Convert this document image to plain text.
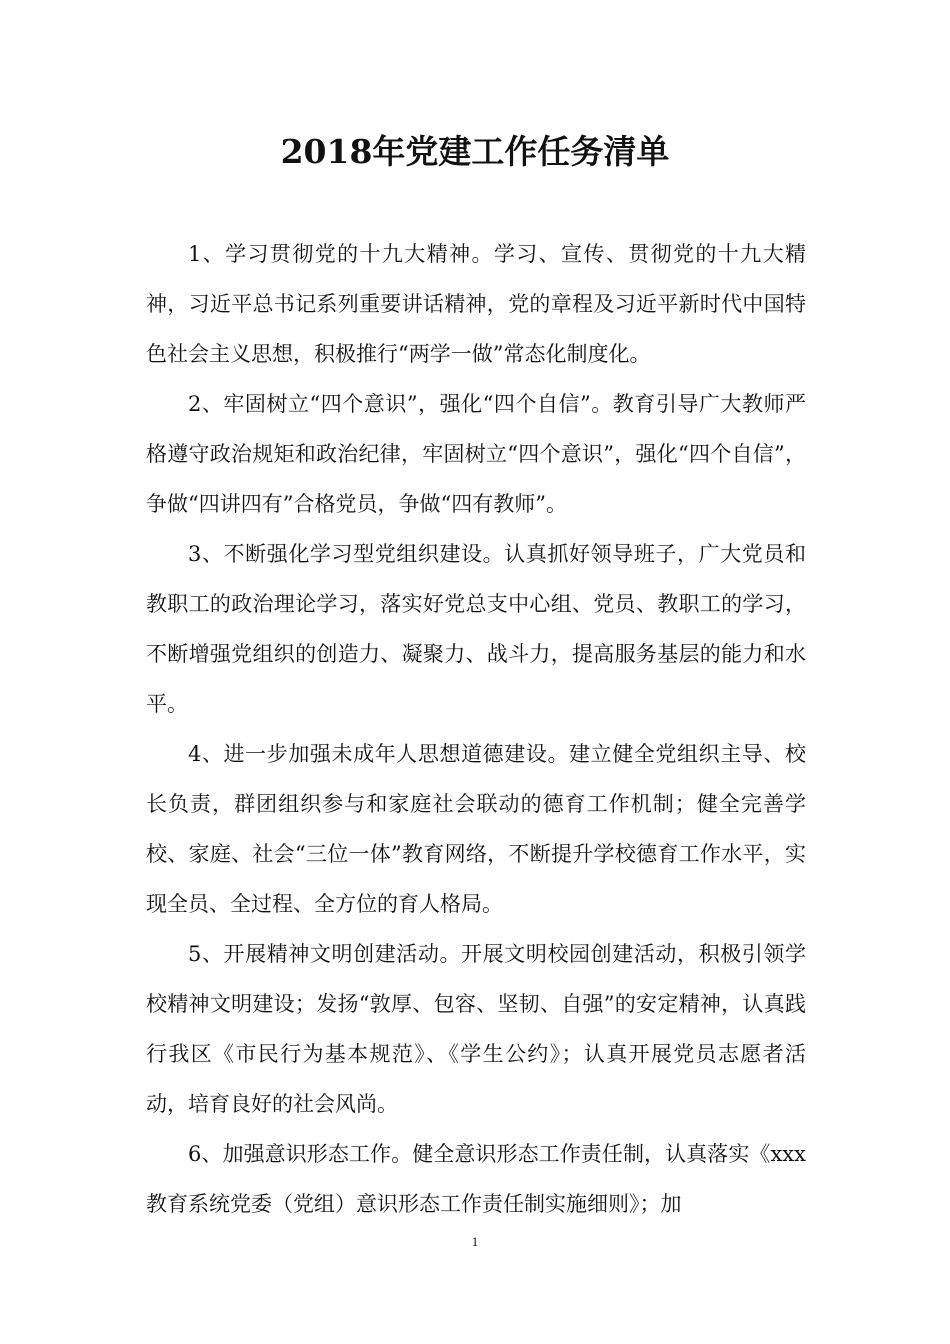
2018年党建工作任务清单

1、学习贯彻党的十九大精神。学习、宣传、贯彻党的十九大精神，习近平总书记系列重要讲话精神，党的章程及习近平新时代中国特色社会主义思想，积极推行“两学一做”常态化制度化。

2、牢固树立“四个意识”，强化“四个自信”。教育引导广大教师严格遵守政治规矩和政治纪律，牢固树立“四个意识”，强化“四个自信”，争做“四讲四有”合格党员，争做“四有教师”。

3、不断强化学习型党组织建设。认真抓好领导班子，广大党员和教职工的政治理论学习，落实好党总支中心组、党员、教职工的学习，不断增强党组织的创造力、凝聚力、战斗力，提高服务基层的能力和水平。

4、进一步加强未成年人思想道德建设。建立健全党组织主导、校长负责，群团组织参与和家庭社会联动的德育工作机制；健全完善学校、家庭、社会“三位一体”教育网络，不断提升学校德育工作水平，实现全员、全过程、全方位的育人格局。

5、开展精神文明创建活动。开展文明校园创建活动，积极引领学校精神文明建设；发扬“敦厚、包容、坚韧、自强”的安定精神，认真践行我区《市民行为基本规范》、《学生公约》；认真开展党员志愿者活动，培育良好的社会风尚。

6、加强意识形态工作。健全意识形态工作责任制，认真落实《xxx教育系统党委（党组）意识形态工作责任制实施细则》；加

1
